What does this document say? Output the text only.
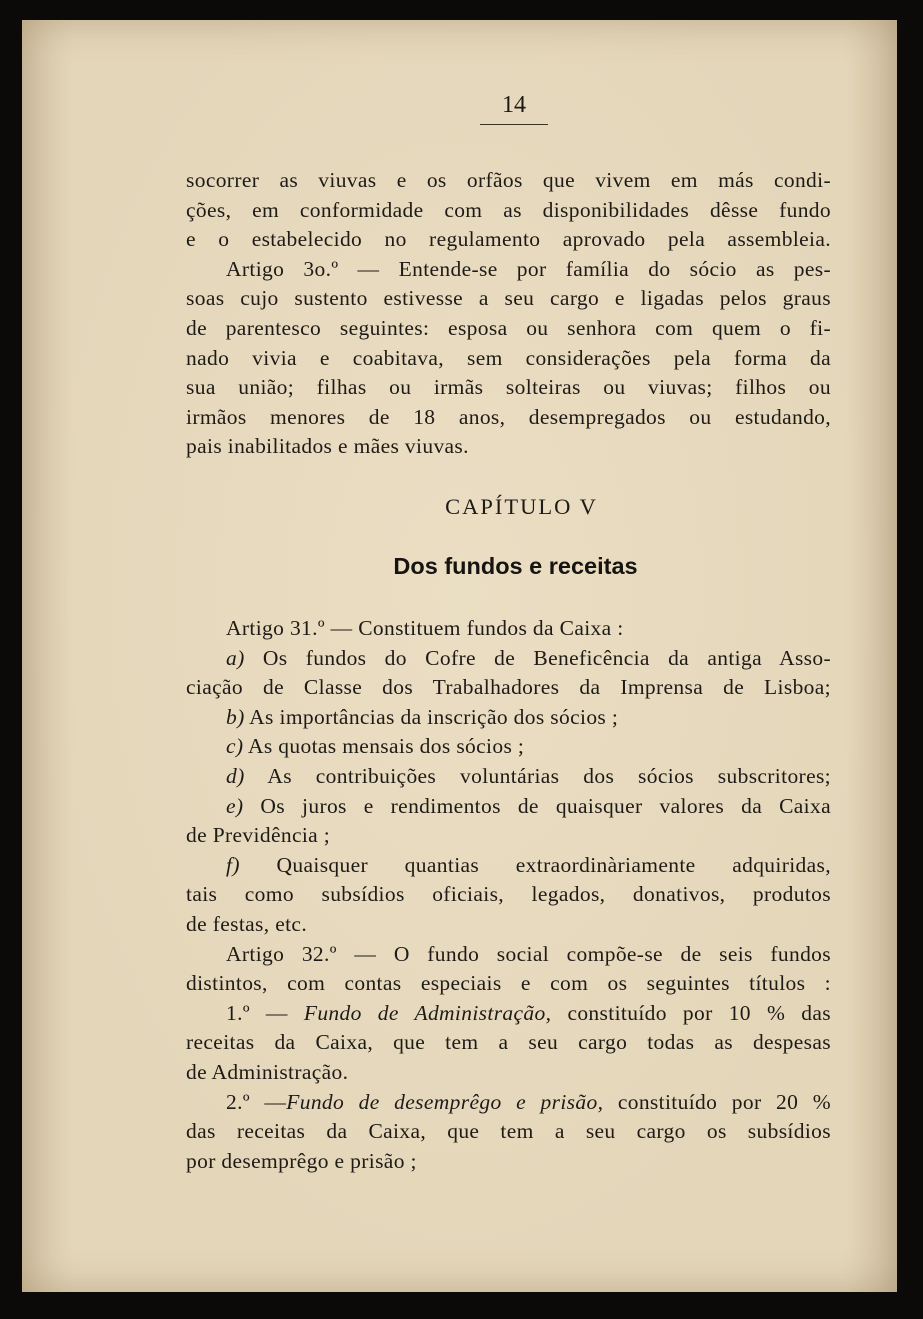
14
socorrer as viuvas e os orfãos que vivem em más condi-
ções, em conformidade com as disponibilidades dêsse fundo
e o estabelecido no regulamento aprovado pela assembleia.
Artigo 3o.º — Entende-se por família do sócio as pes-
soas cujo sustento estivesse a seu cargo e ligadas pelos graus
de parentesco seguintes: esposa ou senhora com quem o fi-
nado vivia e coabitava, sem considerações pela forma da
sua união; filhas ou irmãs solteiras ou viuvas; filhos ou
irmãos menores de 18 anos, desempregados ou estudando,
pais inabilitados e mães viuvas.
CAPÍTULO V
Dos fundos e receitas
Artigo 31.º — Constituem fundos da Caixa :
a) Os fundos do Cofre de Beneficência da antiga Asso-
ciação de Classe dos Trabalhadores da Imprensa de Lisboa;
b) As importâncias da inscrição dos sócios ;
c) As quotas mensais dos sócios ;
d) As contribuições voluntárias dos sócios subscritores;
e) Os juros e rendimentos de quaisquer valores da Caixa
de Previdência ;
f) Quaisquer quantias extraordinàriamente adquiridas,
tais como subsídios oficiais, legados, donativos, produtos
de festas, etc.
Artigo 32.º — O fundo social compõe-se de seis fundos
distintos, com contas especiais e com os seguintes títulos :
1.º — Fundo de Administração, constituído por 10 % das
receitas da Caixa, que tem a seu cargo todas as despesas
de Administração.
2.º —Fundo de desemprêgo e prisão, constituído por 20 %
das receitas da Caixa, que tem a seu cargo os subsídios
por desemprêgo e prisão ;
